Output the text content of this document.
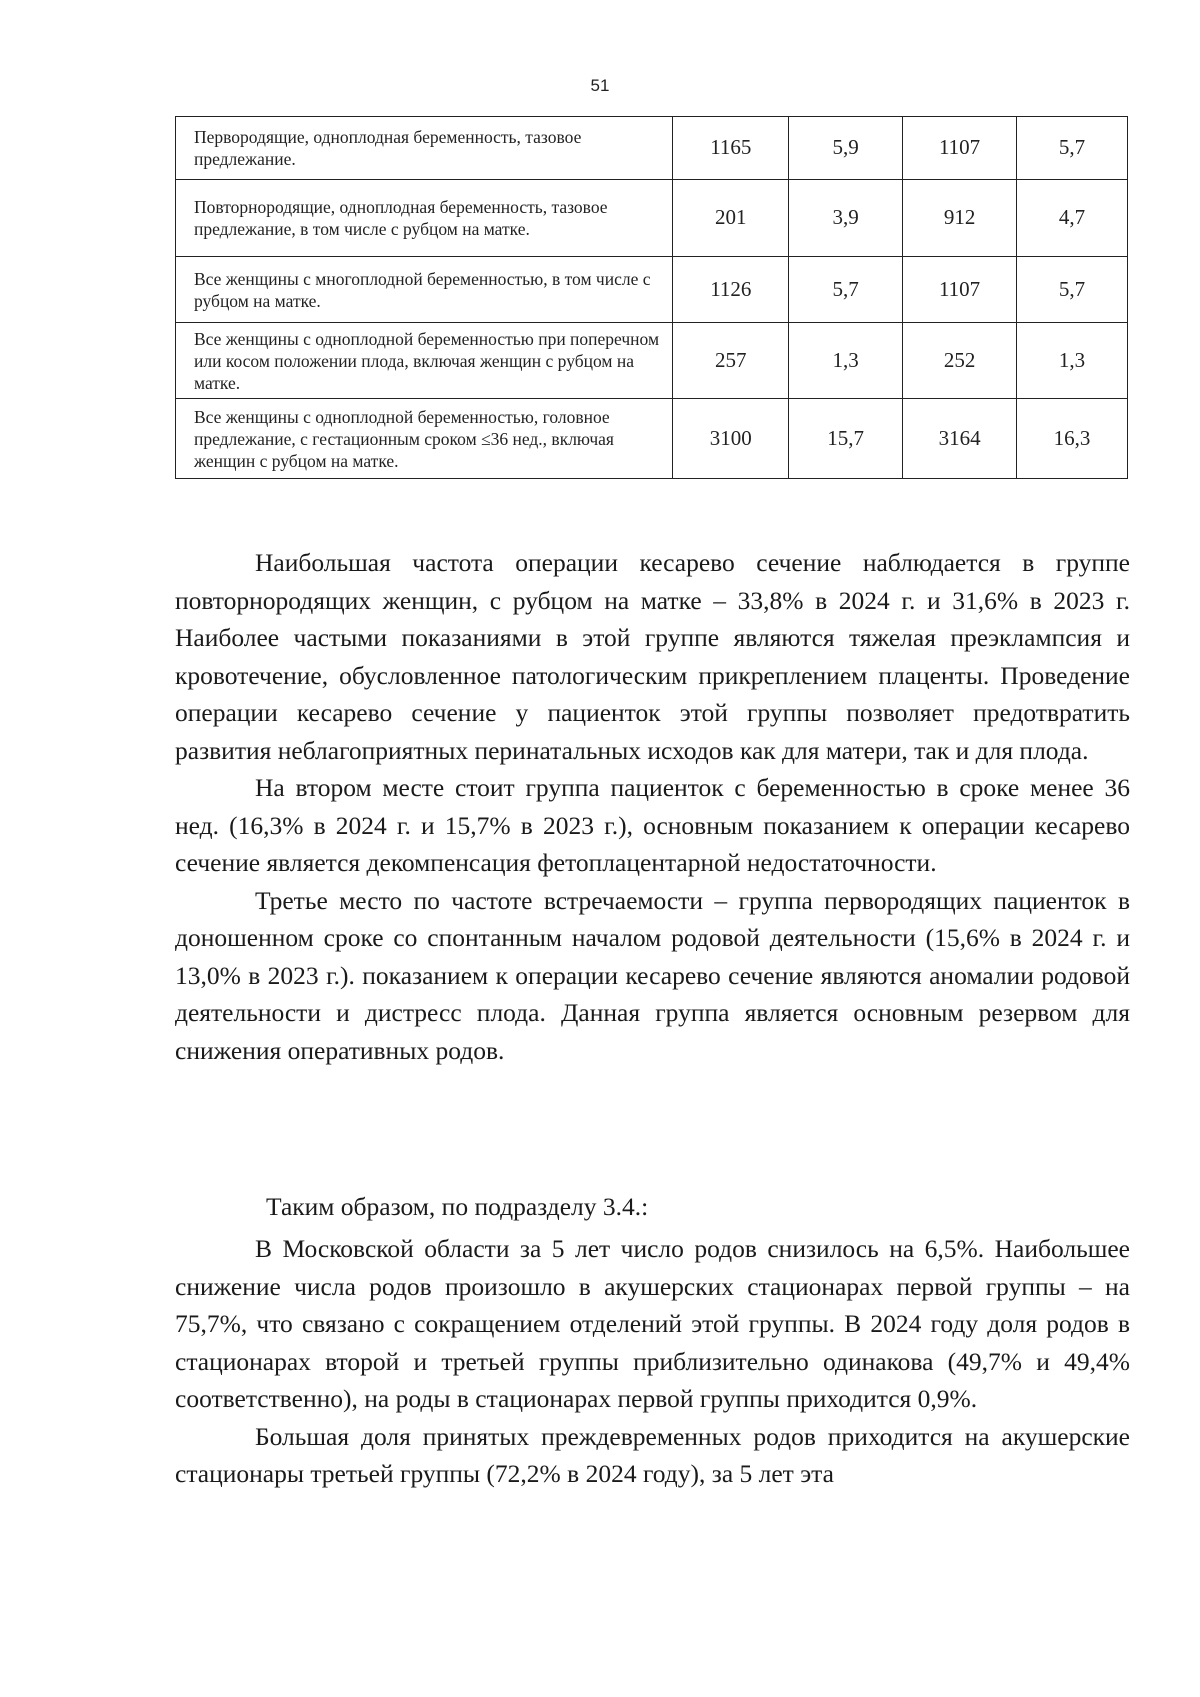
51
Первородящие, одноплодная беременность, тазовое предлежание.	1165	5,9	1107	5,7
Повторнородящие, одноплодная беременность, тазовое предлежание, в том числе с рубцом на матке.	201	3,9	912	4,7
Все женщины с многоплодной беременностью, в том числе с рубцом на матке.	1126	5,7	1107	5,7
Все женщины с одноплодной беременностью при поперечном или косом положении плода, включая женщин с рубцом на матке.	257	1,3	252	1,3
Все женщины с одноплодной беременностью, головное предлежание, с гестационным сроком ≤36 нед., включая женщин с рубцом на матке.	3100	15,7	3164	16,3

Наибольшая частота операции кесарево сечение наблюдается в группе повторнородящих женщин, с рубцом на матке – 33,8% в 2024 г. и 31,6% в 2023 г. Наиболее частыми показаниями в этой группе являются тяжелая преэклампсия и кровотечение, обусловленное патологическим прикреплением плаценты. Проведение операции кесарево сечение у пациенток этой группы позволяет предотвратить развития неблагоприятных перинатальных исходов как для матери, так и для плода.

На втором месте стоит группа пациенток с беременностью в сроке менее 36 нед. (16,3% в 2024 г. и 15,7% в 2023 г.), основным показанием к операции кесарево сечение является декомпенсация фетоплацентарной недостаточности.

Третье место по частоте встречаемости – группа первородящих пациенток в доношенном сроке со спонтанным началом родовой деятельности (15,6% в 2024 г. и 13,0% в 2023 г.). показанием к операции кесарево сечение являются аномалии родовой деятельности и дистресс плода. Данная группа является основным резервом для снижения оперативных родов.

Таким образом, по подразделу 3.4.:

В Московской области за 5 лет число родов снизилось на 6,5%. Наибольшее снижение числа родов произошло в акушерских стационарах первой группы – на 75,7%, что связано с сокращением отделений этой группы. В 2024 году доля родов в стационарах второй и третьей группы приблизительно одинакова (49,7% и 49,4% соответственно), на роды в стационарах первой группы приходится 0,9%.

Большая доля принятых преждевременных родов приходится на акушерские стационары третьей группы (72,2% в 2024 году), за 5 лет эта
